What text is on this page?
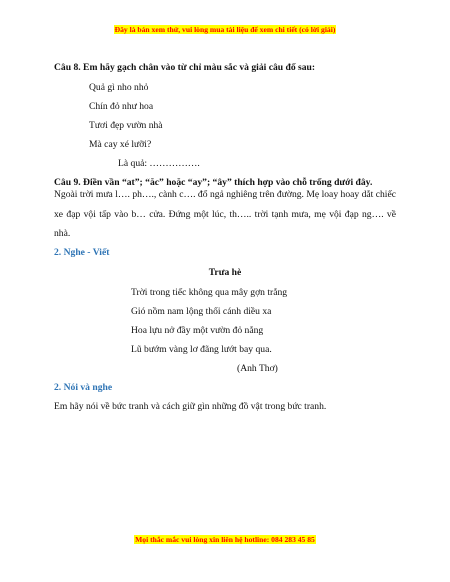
Đây là bản xem thử, vui lòng mua tài liệu để xem chi tiết (có lời giải)
Câu 8. Em hãy gạch chân vào từ chỉ màu sắc và giải câu đố sau:
Quả gì nho nhỏ
Chín đỏ như hoa
Tươi đẹp vườn nhà
Mà cay xé lưỡi?
Là quả: …………….
Câu 9. Điền vần “at”; “ăc” hoặc “ay”; “ây” thích hợp vào chỗ trống dưới đây.
Ngoài trời mưa l…. ph…., cành c…. đổ ngả nghiêng trên đường. Mẹ loay hoay dắt chiếc xe đạp vội tấp vào b… cửa. Đứng một lúc, th….. trời tạnh mưa, mẹ vội đạp ng…. về nhà.
2. Nghe - Viết
Trưa hè
Trời trong tiếc không qua mây gợn trắng
Gió nồm nam lộng thổi cánh diều xa
Hoa lựu nở đầy một vườn đỏ nắng
Lũ bướm vàng lơ đãng lướt bay qua.
(Anh Thơ)
2. Nói và nghe
Em hãy nói về bức tranh và cách giữ gìn những đồ vật trong bức tranh.
Mọi thắc mắc vui lòng xin liên hệ hotline: 084 283 45 85
